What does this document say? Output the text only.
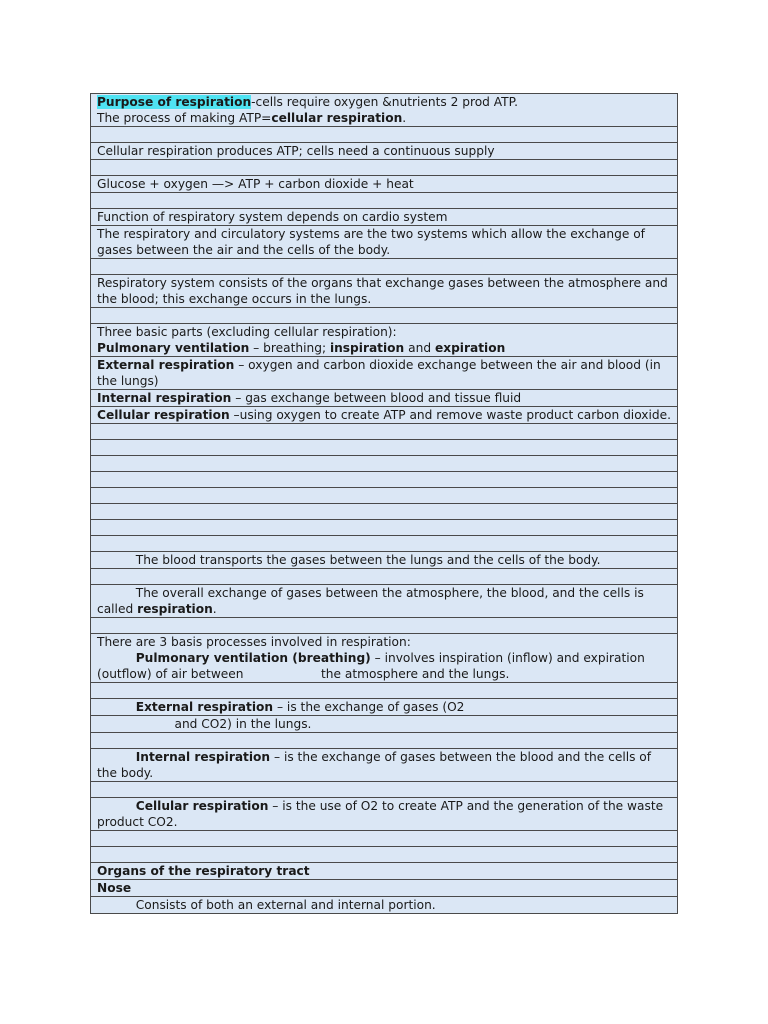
Purpose of respiration-cells require oxygen &nutrients 2 prod ATP.
The process of making ATP=cellular respiration.

Cellular respiration produces ATP; cells need a continuous supply

Glucose + oxygen —> ATP + carbon dioxide + heat

Function of respiratory system depends on cardio system
The respiratory and circulatory systems are the two systems which allow the exchange of gases between the air and the cells of the body.

Respiratory system consists of the organs that exchange gases between the atmosphere and the blood; this exchange occurs in the lungs.

Three basic parts (excluding cellular respiration):
Pulmonary ventilation – breathing; inspiration and expiration
External respiration – oxygen and carbon dioxide exchange between the air and blood (in the lungs)
Internal respiration – gas exchange between blood and tissue fluid
Cellular respiration –using oxygen to create ATP and remove waste product carbon dioxide.

The blood transports the gases between the lungs and the cells of the body.

The overall exchange of gases between the atmosphere, the blood, and the cells is called respiration.

There are 3 basis processes involved in respiration:
Pulmonary ventilation (breathing) – involves inspiration (inflow) and expiration (outflow) of air between                    the atmosphere and the lungs.

External respiration – is the exchange of gases (O2
and CO2) in the lungs.

Internal respiration – is the exchange of gases between the blood and the cells of the body.

Cellular respiration – is the use of O2 to create ATP and the generation of the waste product CO2.

Organs of the respiratory tract
Nose
Consists of both an external and internal portion.
